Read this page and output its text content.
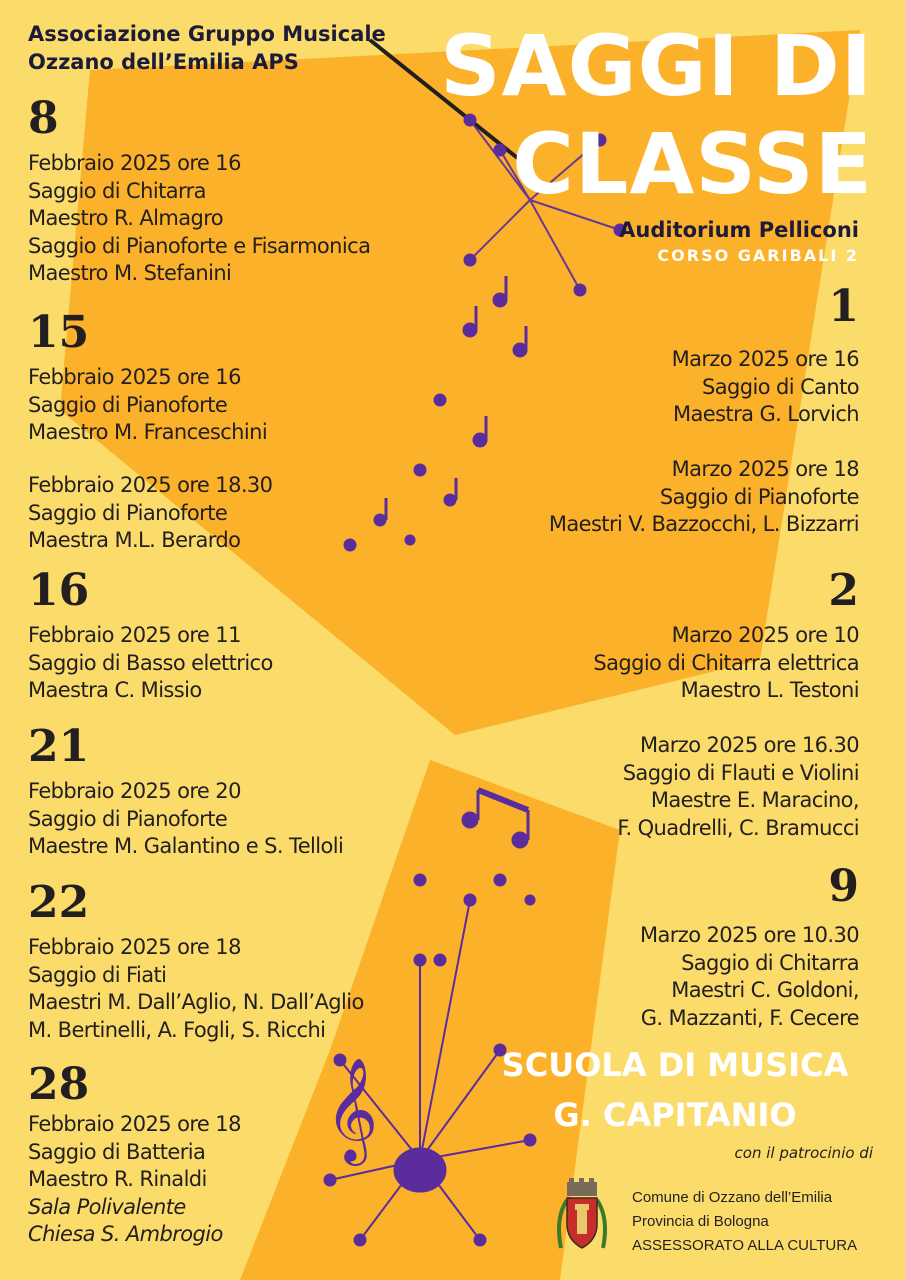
𝄞
Associazione Gruppo Musicale
Ozzano dell’Emilia APS	SAGGI DI
CLASSE
Auditorium Pelliconi
CORSO GARIBALI 2
8
Febbraio 2025 ore 16
Saggio di Chitarra
Maestro R. Almagro
Saggio di Pianoforte e Fisarmonica
Maestro M. Stefanini
15
Febbraio 2025 ore 16
Saggio di Pianoforte
Maestro M. Franceschini
Febbraio 2025 ore 18.30
Saggio di Pianoforte
Maestra M.L. Berardo
16
Febbraio 2025 ore 11
Saggio di Basso elettrico
Maestra C. Missio
21
Febbraio 2025 ore 20
Saggio di Pianoforte
Maestre M. Galantino e S. Telloli
22
Febbraio 2025 ore 18
Saggio di Fiati
Maestri M. Dall’Aglio, N. Dall’Aglio
M. Bertinelli, A. Fogli, S. Ricchi
28
Febbraio 2025 ore 18
Saggio di Batteria
Maestro R. Rinaldi
Sala Polivalente
Chiesa S. Ambrogio
1
Marzo 2025 ore 16
Saggio di Canto
Maestra G. Lorvich
Marzo 2025 ore 18
Saggio di Pianoforte
Maestri V. Bazzocchi, L. Bizzarri
2
Marzo 2025 ore 10
Saggio di Chitarra elettrica
Maestro L. Testoni
Marzo 2025 ore 16.30
Saggio di Flauti e Violini
Maestre E. Maracino,
F. Quadrelli, C. Bramucci
9
Marzo 2025 ore 10.30
Saggio di Chitarra
Maestri C. Goldoni,
G. Mazzanti, F. Cecere
SCUOLA DI MUSICA
G. CAPITANIO
con il patrocinio di
Comune di Ozzano dell’Emilia
Provincia di Bologna
ASSESSORATO ALLA CULTURA
